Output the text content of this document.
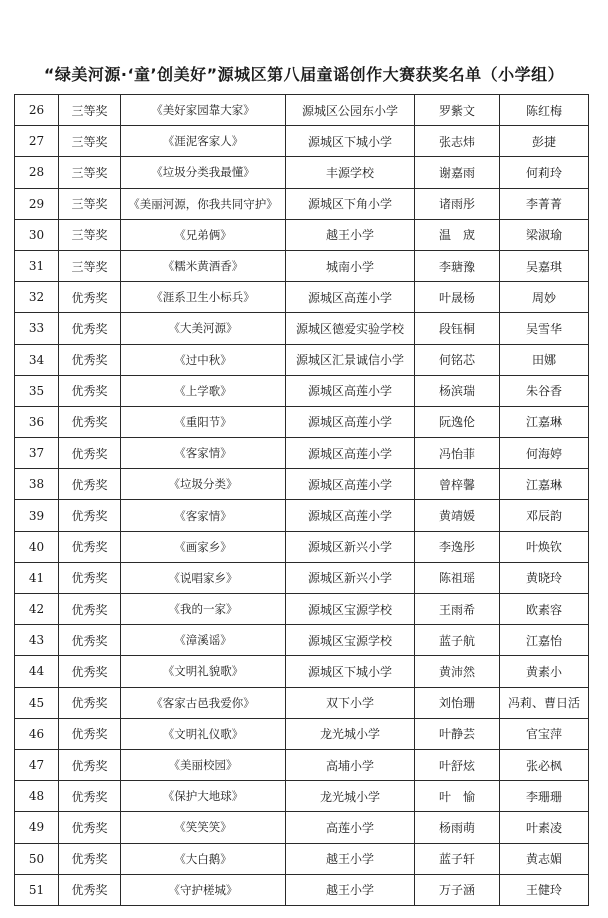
“绿美河源·‘童’创美好”源城区第八届童谣创作大赛获奖名单（小学组）
26	三等奖	《美好家园靠大家》	源城区公园东小学	罗紫文	陈红梅
27	三等奖	《涯泥客家人》	源城区下城小学	张志炜	彭捷
28	三等奖	《垃圾分类我最懂》	丰源学校	谢嘉雨	何莉玲
29	三等奖	《美丽河源，你我共同守护》	源城区下角小学	诸雨彤	李菁菁
30	三等奖	《兄弟俩》	越王小学	温　宬	梁淑瑜
31	三等奖	《糯米黄酒香》	城南小学	李瑭豫	吴嘉琪
32	优秀奖	《涯系卫生小标兵》	源城区高莲小学	叶晟杨	周妙
33	优秀奖	《大美河源》	源城区德爱实验学校	段钰桐	吴雪华
34	优秀奖	《过中秋》	源城区汇景诚信小学	何铭芯	田娜
35	优秀奖	《上学歌》	源城区高莲小学	杨滨瑞	朱谷香
36	优秀奖	《重阳节》	源城区高莲小学	阮逸伦	江嘉琳
37	优秀奖	《客家情》	源城区高莲小学	冯怡菲	何海婷
38	优秀奖	《垃圾分类》	源城区高莲小学	曾梓馨	江嘉琳
39	优秀奖	《客家情》	源城区高莲小学	黄靖媛	邓辰韵
40	优秀奖	《画家乡》	源城区新兴小学	李逸彤	叶焕钦
41	优秀奖	《说唱家乡》	源城区新兴小学	陈祖瑶	黄晓玲
42	优秀奖	《我的一家》	源城区宝源学校	王雨希	欧素容
43	优秀奖	《漳溪谣》	源城区宝源学校	蓝子航	江嘉怡
44	优秀奖	《文明礼貌歌》	源城区下城小学	黄沛然	黄素小
45	优秀奖	《客家古邑我爱你》	双下小学	刘怡珊	冯莉、曹日活
46	优秀奖	《文明礼仪歌》	龙光城小学	叶静芸	官宝萍
47	优秀奖	《美丽校园》	高埔小学	叶舒炫	张必枫
48	优秀奖	《保护大地球》	龙光城小学	叶　愉	李珊珊
49	优秀奖	《笑笑笑》	高莲小学	杨雨萌	叶素凌
50	优秀奖	《大白鹅》	越王小学	蓝子轩	黄志媚
51	优秀奖	《守护槎城》	越王小学	万子涵	王健玲
